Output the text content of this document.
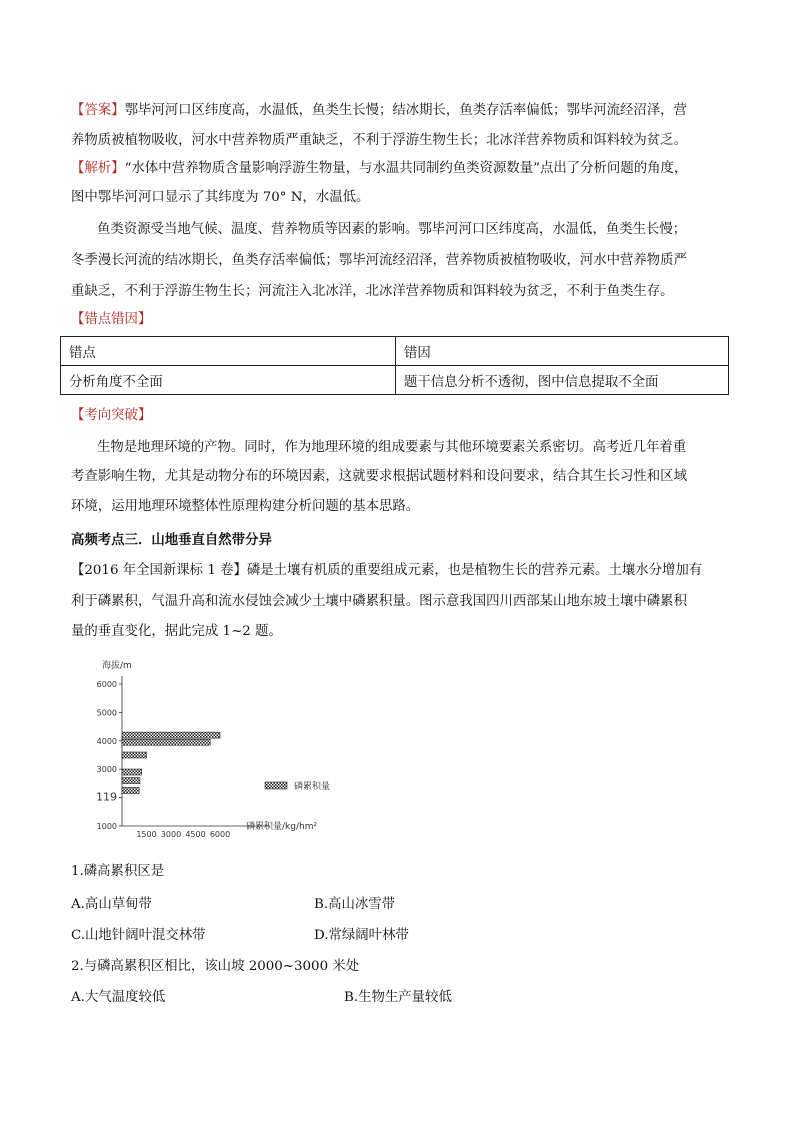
【答案】鄂毕河河口区纬度高，水温低，鱼类生长慢；结冰期长，鱼类存活率偏低；鄂毕河流经沼泽，营
养物质被植物吸收，河水中营养物质严重缺乏，不利于浮游生物生长；北冰洋营养物质和饵料较为贫乏。
【解析】“水体中营养物质含量影响浮游生物量，与水温共同制约鱼类资源数量”点出了分析问题的角度，
图中鄂毕河河口显示了其纬度为 70° N，水温低。
鱼类资源受当地气候、温度、营养物质等因素的影响。鄂毕河河口区纬度高，水温低，鱼类生长慢；
冬季漫长河流的结冰期长，鱼类存活率偏低；鄂毕河流经沼泽，营养物质被植物吸收，河水中营养物质严
重缺乏，不利于浮游生物生长；河流注入北冰洋，北冰洋营养物质和饵料较为贫乏，不利于鱼类生存。
【错点错因】
错点	错因
分析角度不全面	题干信息分析不透彻，图中信息提取不全面
【考向突破】
生物是地理环境的产物。同时，作为地理环境的组成要素与其他环境要素关系密切。高考近几年着重
考查影响生物，尤其是动物分布的环境因素，这就要求根据试题材料和设问要求，结合其生长习性和区域
环境，运用地理环境整体性原理构建分析问题的基本思路。
高频考点三．山地垂直自然带分异
【2016 年全国新课标 1 卷】磷是土壤有机质的重要组成元素，也是植物生长的营养元素。土壤水分增加有
利于磷累积，气温升高和流水侵蚀会减少土壤中磷累积量。图示意我国四川西部某山地东坡土壤中磷累积
量的垂直变化，据此完成 1~2 题。
海拔/m
6000
5000
4000
3000
119
1000
1500 3000 4500 6000
磷累积量
磷累积量/kg/hm²
1.磷高累积区是
A.高山草甸带	B.高山冰雪带
C.山地针阔叶混交林带	D.常绿阔叶林带
2.与磷高累积区相比，该山坡 2000~3000 米处
A.大气温度较低	B.生物生产量较低
